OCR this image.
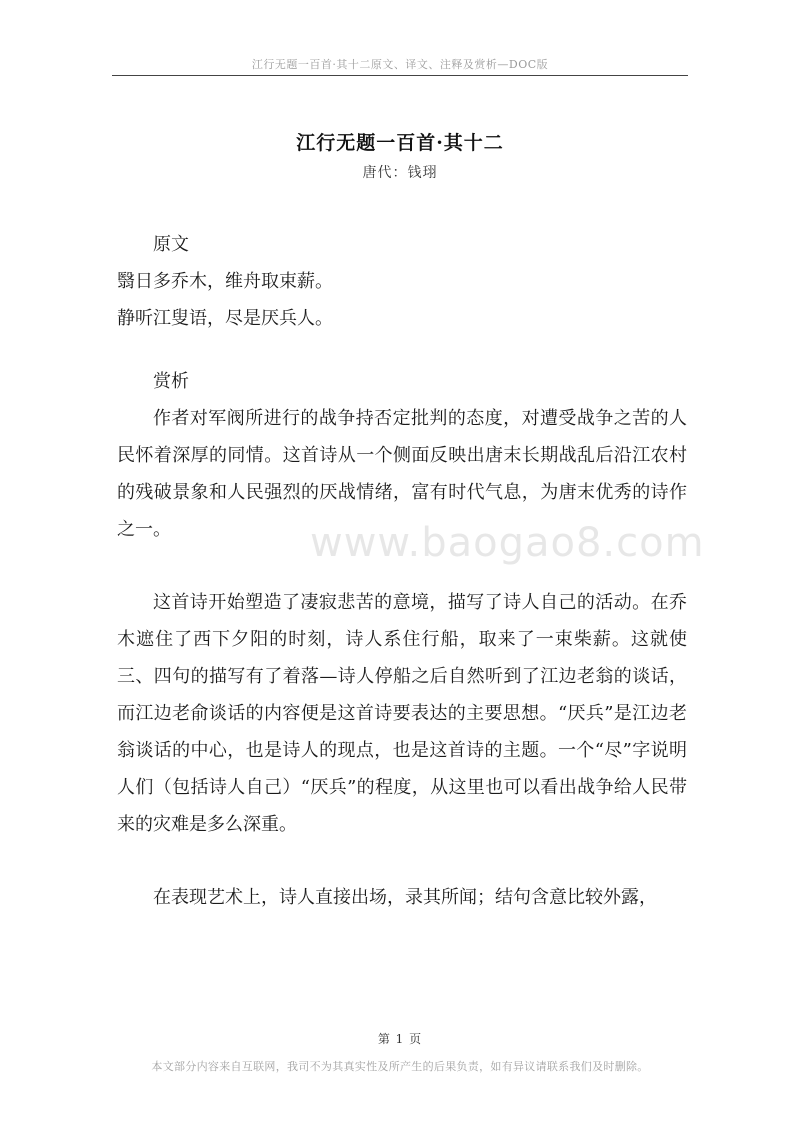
江行无题一百首·其十二原文、译文、注释及赏析—DOC版
江行无题一百首·其十二
唐代：钱珝
www.baogao8.com

原文

翳日多乔木，维舟取束薪。

静听江叟语，尽是厌兵人。

赏析

作者对军阀所进行的战争持否定批判的态度，对遭受战争之苦的人民怀着深厚的同情。这首诗从一个侧面反映出唐末长期战乱后沿江农村的残破景象和人民强烈的厌战情绪，富有时代气息，为唐末优秀的诗作之一。

这首诗开始塑造了凄寂悲苦的意境，描写了诗人自己的活动。在乔木遮住了西下夕阳的时刻，诗人系住行船，取来了一束柴薪。这就使三、四句的描写有了着落—诗人停船之后自然听到了江边老翁的谈话，而江边老俞谈话的内容便是这首诗要表达的主要思想。“厌兵”是江边老翁谈话的中心，也是诗人的现点，也是这首诗的主题。一个“尽”字说明人们（包括诗人自己）“厌兵”的程度，从这里也可以看出战争给人民带来的灾难是多么深重。

在表现艺术上，诗人直接出场，录其所闻；结句含意比较外露，

第 1 页
本文部分内容来自互联网，我司不为其真实性及所产生的后果负责，如有异议请联系我们及时删除。
